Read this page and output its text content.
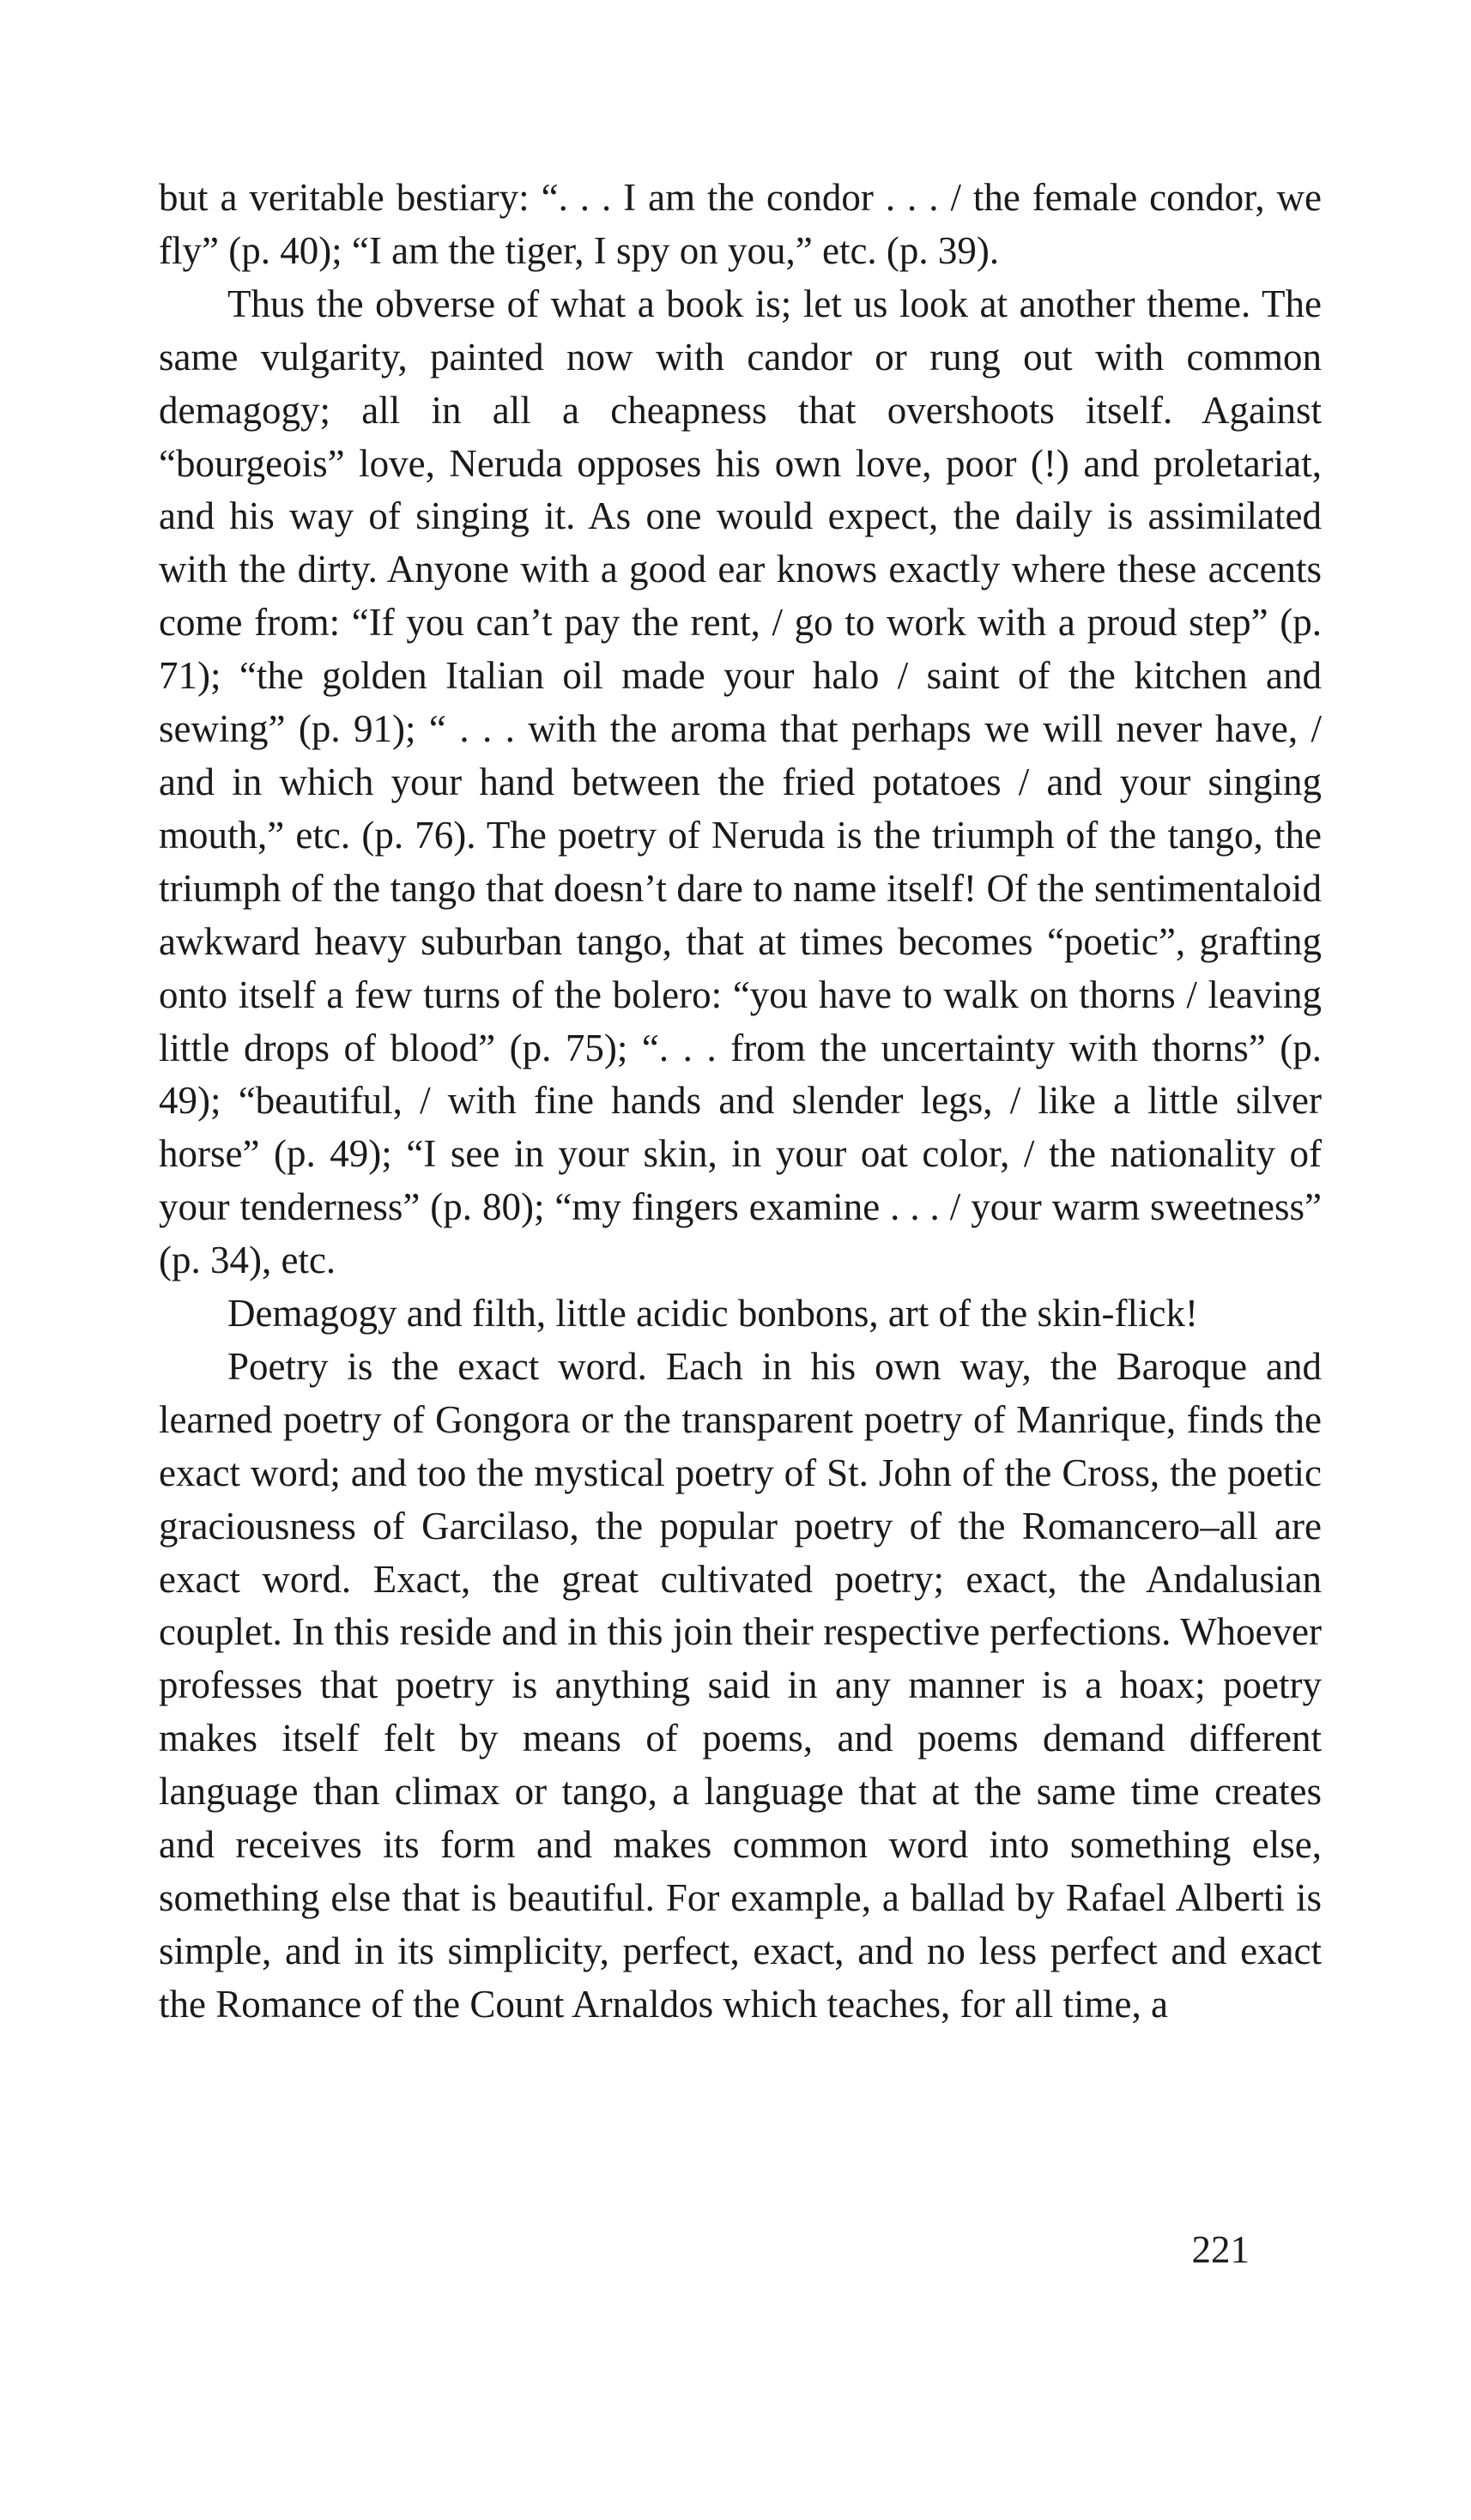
but a veritable bestiary: “. . . I am the condor . . . / the female condor, we fly” (p. 40); “I am the tiger, I spy on you,” etc. (p. 39).

Thus the obverse of what a book is; let us look at another theme. The same vulgarity, painted now with candor or rung out with common demagogy; all in all a cheapness that overshoots itself. Against “bourgeois” love, Neruda opposes his own love, poor (!) and proletariat, and his way of singing it. As one would expect, the daily is assimilated with the dirty. Anyone with a good ear knows exactly where these accents come from: “If you can’t pay the rent, / go to work with a proud step” (p. 71); “the golden Italian oil made your halo / saint of the kitchen and sewing” (p. 91); “ . . . with the aroma that perhaps we will never have, / and in which your hand between the fried potatoes / and your singing mouth,” etc. (p. 76). The poetry of Neruda is the triumph of the tango, the triumph of the tango that doesn’t dare to name itself! Of the sentimentaloid awkward heavy suburban tango, that at times becomes “poetic”, grafting onto itself a few turns of the bolero: “you have to walk on thorns / leaving little drops of blood” (p. 75); “. . . from the uncertainty with thorns” (p. 49); “beautiful, / with fine hands and slender legs, / like a little silver horse” (p. 49); “I see in your skin, in your oat color, / the nationality of your tenderness” (p. 80); “my fingers examine . . . / your warm sweetness” (p. 34), etc.

Demagogy and filth, little acidic bonbons, art of the skin-flick!

Poetry is the exact word. Each in his own way, the Baroque and learned poetry of Gongora or the transparent poetry of Manrique, finds the exact word; and too the mystical poetry of St. John of the Cross, the poetic graciousness of Garcilaso, the popular poetry of the Romancero–all are exact word. Exact, the great cultivated poetry; exact, the Andalusian couplet. In this reside and in this join their respective perfections. Whoever professes that poetry is anything said in any manner is a hoax; poetry makes itself felt by means of poems, and poems demand different language than climax or tango, a language that at the same time creates and receives its form and makes common word into something else, something else that is beautiful. For example, a ballad by Rafael Alberti is simple, and in its simplicity, perfect, exact, and no less perfect and exact the Romance of the Count Arnaldos which teaches, for all time, a

221
